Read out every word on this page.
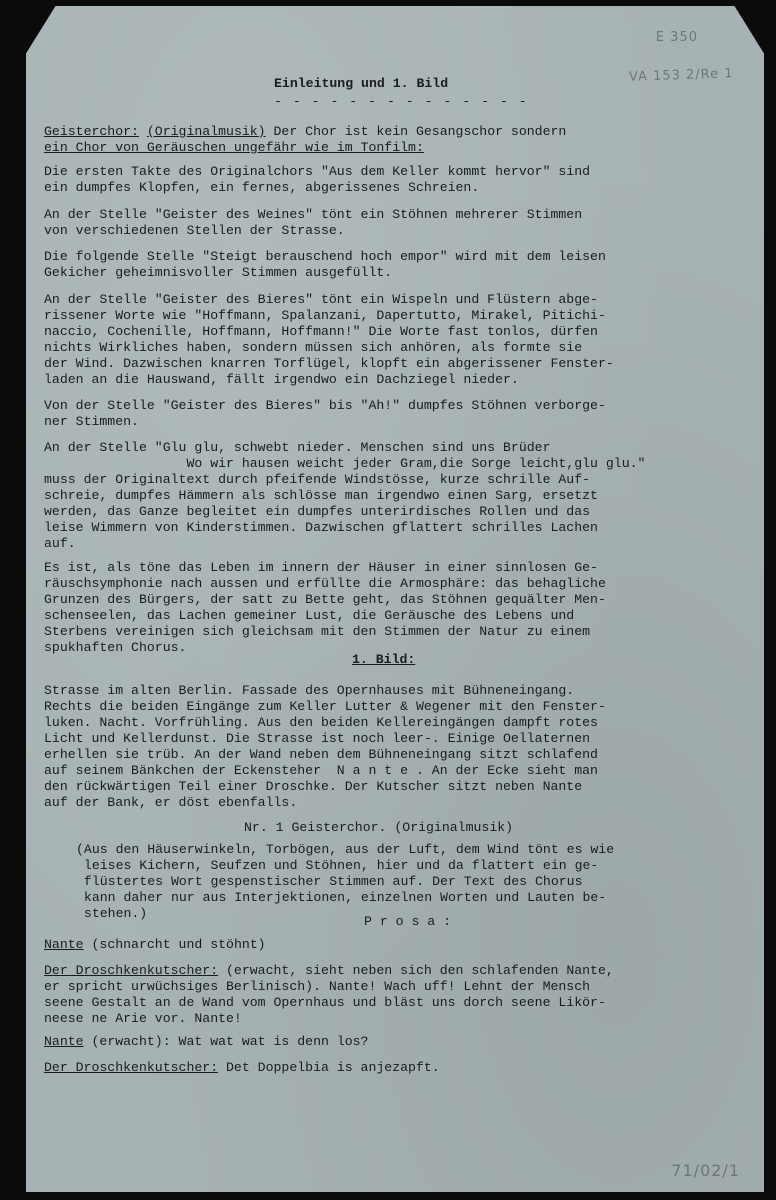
E 350
VA 153 2/Re 1
71/02/1
Einleitung und 1. Bild
- - - - - - - - - - - - - -
Geisterchor: (Originalmusik) Der Chor ist kein Gesangschor sondern
ein Chor von Geräuschen ungefähr wie im Tonfilm:
Die ersten Takte des Originalchors "Aus dem Keller kommt hervor" sind
ein dumpfes Klopfen, ein fernes, abgerissenes Schreien.
An der Stelle "Geister des Weines" tönt ein Stöhnen mehrerer Stimmen
von verschiedenen Stellen der Strasse.
Die folgende Stelle "Steigt berauschend hoch empor" wird mit dem leisen
Gekicher geheimnisvoller Stimmen ausgefüllt.
An der Stelle "Geister des Bieres" tönt ein Wispeln und Flüstern abge-
rissener Worte wie "Hoffmann, Spalanzani, Dapertutto, Mirakel, Pitichi-
naccio, Cochenille, Hoffmann, Hoffmann!" Die Worte fast tonlos, dürfen
nichts Wirkliches haben, sondern müssen sich anhören, als formte sie
der Wind. Dazwischen knarren Torflügel, klopft ein abgerissener Fenster-
laden an die Hauswand, fällt irgendwo ein Dachziegel nieder.
Von der Stelle "Geister des Bieres" bis "Ah!" dumpfes Stöhnen verborge-
ner Stimmen.
An der Stelle "Glu glu, schwebt nieder. Menschen sind uns Brüder
Wo wir hausen weicht jeder Gram,die Sorge leicht,glu glu."
muss der Originaltext durch pfeifende Windstösse, kurze schrille Auf-
schreie, dumpfes Hämmern als schlösse man irgendwo einen Sarg, ersetzt
werden, das Ganze begleitet ein dumpfes unterirdisches Rollen und das
leise Wimmern von Kinderstimmen. Dazwischen gflattert schrilles Lachen
auf.
Es ist, als töne das Leben im innern der Häuser in einer sinnlosen Ge-
räuschsymphonie nach aussen und erfüllte die Armosphäre: das behagliche
Grunzen des Bürgers, der satt zu Bette geht, das Stöhnen gequälter Men-
schenseelen, das Lachen gemeiner Lust, die Geräusche des Lebens und
Sterbens vereinigen sich gleichsam mit den Stimmen der Natur zu einem
spukhaften Chorus.
1. Bild:
Strasse im alten Berlin. Fassade des Opernhauses mit Bühneneingang.
Rechts die beiden Eingänge zum Keller Lutter & Wegener mit den Fenster-
luken. Nacht. Vorfrühling. Aus den beiden Kellereingängen dampft rotes
Licht und Kellerdunst. Die Strasse ist noch leer-. Einige Oellaternen
erhellen sie trüb. An der Wand neben dem Bühneneingang sitzt schlafend
auf seinem Bänkchen der Eckensteher  N a n t e . An der Ecke sieht man
den rückwärtigen Teil einer Droschke. Der Kutscher sitzt neben Nante
auf der Bank, er döst ebenfalls.
Nr. 1 Geisterchor. (Originalmusik)
(Aus den Häuserwinkeln, Torbögen, aus der Luft, dem Wind tönt es wie
leises Kichern, Seufzen und Stöhnen, hier und da flattert ein ge-
flüstertes Wort gespenstischer Stimmen auf. Der Text des Chorus
kann daher nur aus Interjektionen, einzelnen Worten und Lauten be-
stehen.)
P r o s a :
Nante (schnarcht und stöhnt)
Der Droschkenkutscher: (erwacht, sieht neben sich den schlafenden Nante,
er spricht urwüchsiges Berlinisch). Nante! Wach uff! Lehnt der Mensch
seene Gestalt an de Wand vom Opernhaus und bläst uns dorch seene Likör-
neese ne Arie vor. Nante!
Nante (erwacht): Wat wat wat is denn los?
Der Droschkenkutscher: Det Doppelbia is anjezapft.
